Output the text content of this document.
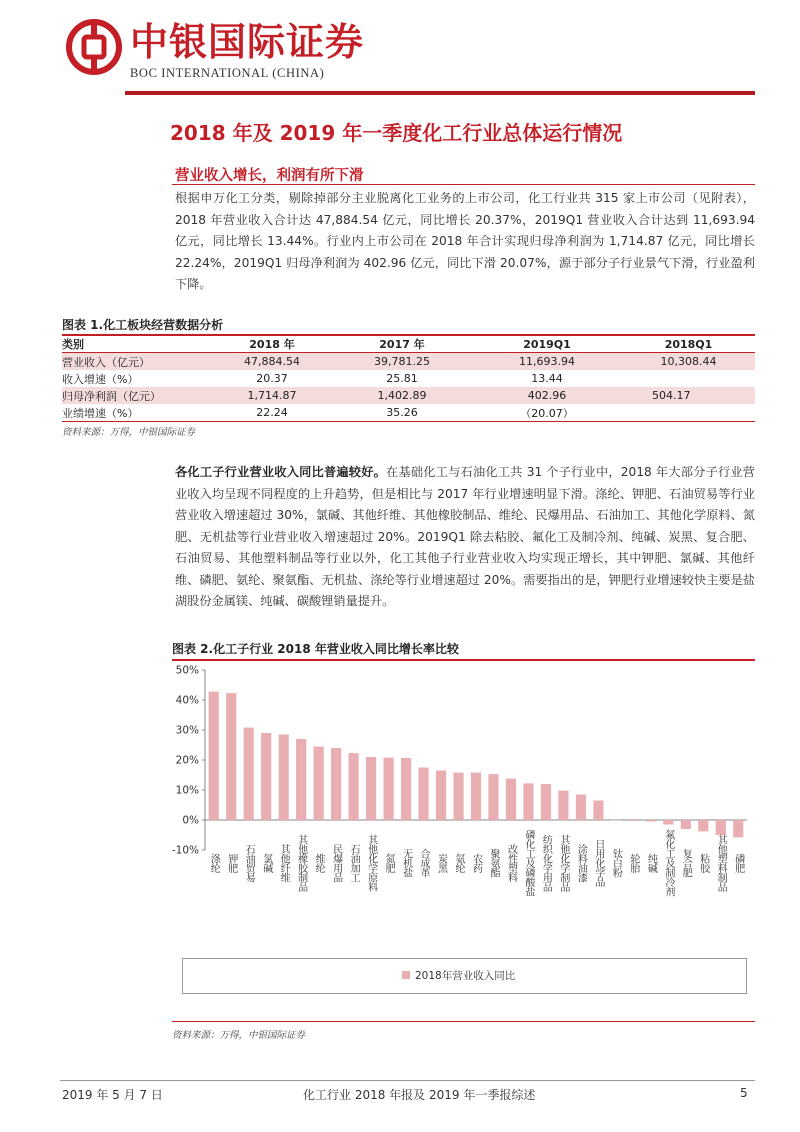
中银国际证券
BOC INTERNATIONAL (CHINA)
2018 年及 2019 年一季度化工行业总体运行情况
营业收入增长，利润有所下滑
根据申万化工分类，剔除掉部分主业脱离化工业务的上市公司，化工行业共 315 家上市公司（见附表），2018 年营业收入合计达 47,884.54 亿元，同比增长 20.37%，2019Q1 营业收入合计达到 11,693.94 亿元，同比增长 13.44%。行业内上市公司在 2018 年合计实现归母净利润为 1,714.87 亿元，同比增长 22.24%，2019Q1 归母净利润为 402.96 亿元，同比下滑 20.07%，源于部分子行业景气下滑，行业盈利下降。
图表 1.化工板块经营数据分析
类别	2018 年	2017 年	2019Q1	2018Q1
营业收入（亿元）	47,884.54	39,781.25	11,693.94	10,308.44
收入增速（%）	20.37	25.81	13.44	
归母净利润（亿元）	1,714.87	1,402.89	402.96	504.17
业绩增速（%）	22.24	35.26	（20.07）	
资料来源：万得，中银国际证券
各化工子行业营业收入同比普遍较好。在基础化工与石油化工共 31 个子行业中，2018 年大部分子行业营业收入均呈现不同程度的上升趋势，但是相比与 2017 年行业增速明显下滑。涤纶、钾肥、石油贸易等行业营业收入增速超过 30%，氯碱、其他纤维、其他橡胶制品、维纶、民爆用品、石油加工、其他化学原料、氮肥、无机盐等行业营业收入增速超过 20%。2019Q1 除去粘胶、氟化工及制冷剂、纯碱、炭黑、复合肥、石油贸易、其他塑料制品等行业以外，化工其他子行业营业收入均实现正增长，其中钾肥、氯碱、其他纤维、磷肥、氨纶、聚氨酯、无机盐、涤纶等行业增速超过 20%。需要指出的是，钾肥行业增速较快主要是盐湖股份金属镁、纯碱、碳酸锂销量提升。
图表 2.化工子行业 2018 年营业收入同比增长率比较
-10%
0%
10%
20%
30%
40%
50%
涤纶 钾肥 石油贸易 氯碱 其他纤维 其他橡胶制品 维纶 民爆用品 石油加工 其他化学原料 氮肥 无机盐 合成革 炭黑 氨纶 农药 聚氨酯 改性塑料 磷化工及磷酸盐 纺织化学用品 其他化学制品 涂料油漆 日用化学品 钛白粉 轮胎 纯碱 氟化工及制冷剂 复合肥 粘胶 其他塑料制品 磷肥
2018年营业收入同比
资料来源：万得，中银国际证券
2019 年 5 月 7 日	化工行业 2018 年报及 2019 年一季报综述	5
